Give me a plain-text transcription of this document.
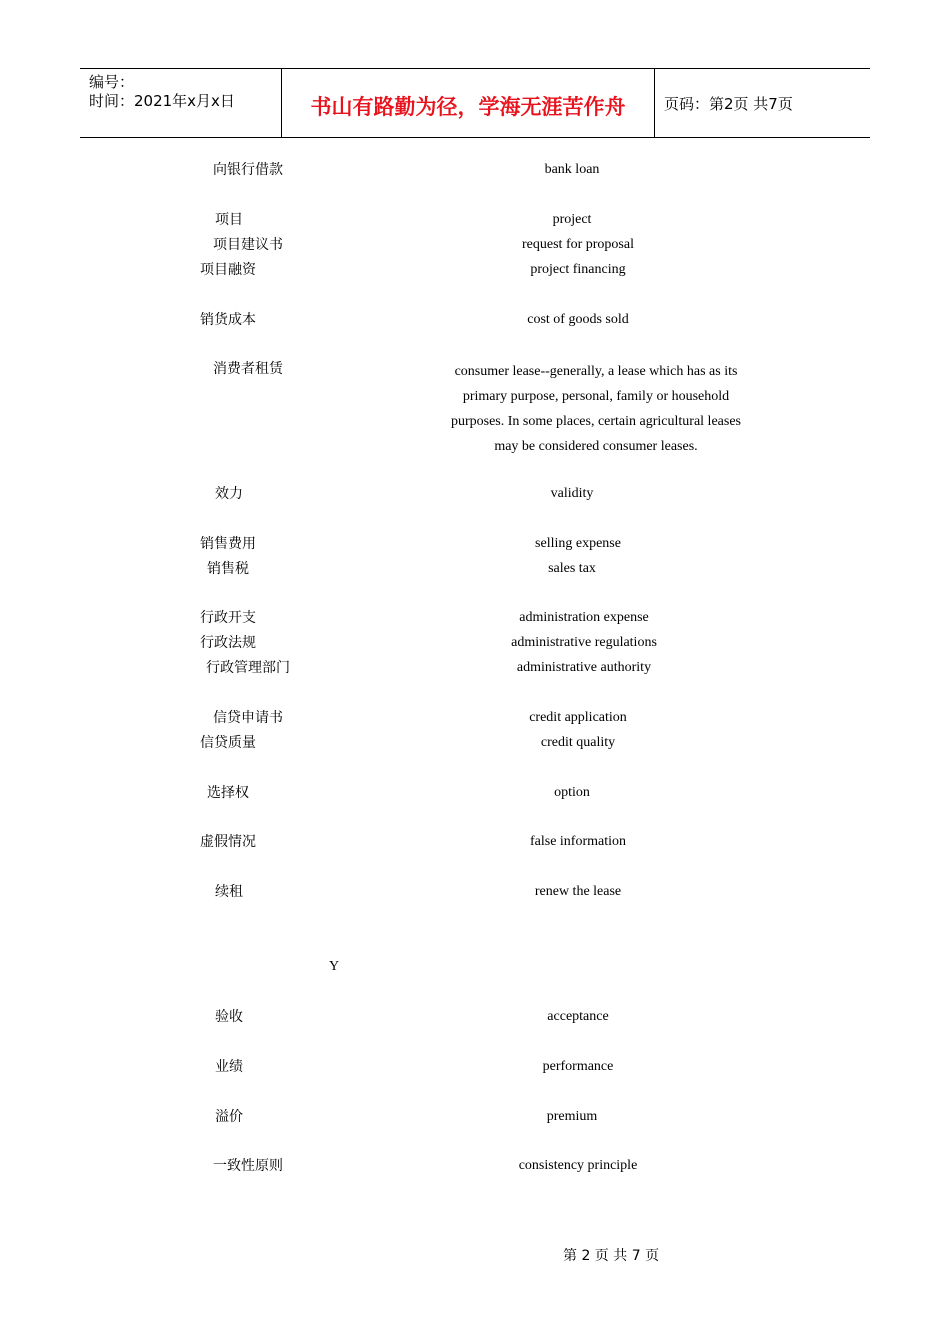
编号：
时间：2021年x月x日	书山有路勤为径，学海无涯苦作舟	页码：第2页 共7页
向银行借款	bank loan
项目	project
项目建议书	request for proposal
项目融资	project financing
销货成本	cost of goods sold
消费者租赁	consumer lease--generally, a lease which has as its primary purpose, personal, family or household purposes. In some places, certain agricultural leases may be considered consumer leases.
效力	validity
销售费用	selling expense
销售税	sales tax
行政开支	administration expense
行政法规	administrative regulations
行政管理部门	administrative authority
信贷申请书	credit application
信贷质量	credit quality
选择权	option
虚假情况	false information
续租	renew the lease
Y
验收	acceptance
业绩	performance
溢价	premium
一致性原则	consistency principle
第 2 页 共 7 页
